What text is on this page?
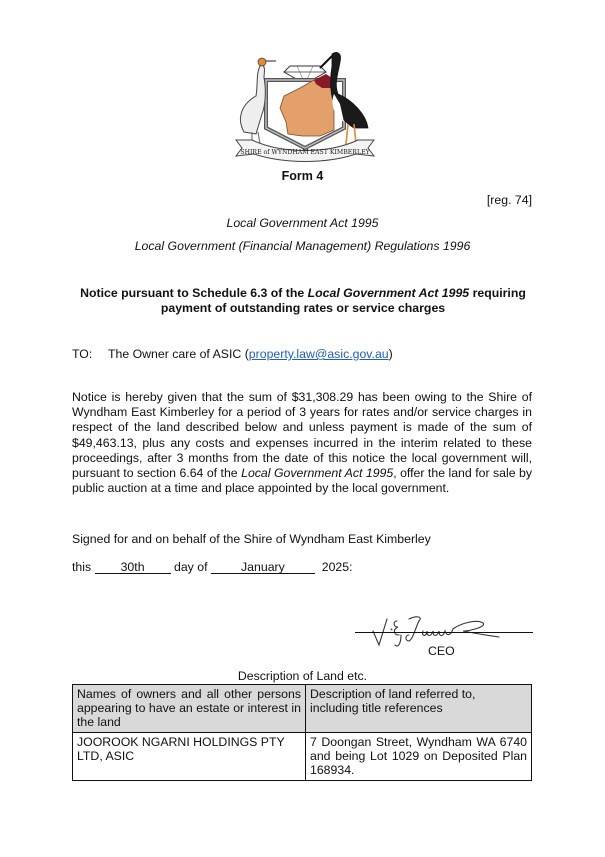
SHIRE of WYNDHAM EAST KIMBERLEY
Form 4
[reg. 74]
Local Government Act 1995
Local Government (Financial Management) Regulations 1996
Notice pursuant to Schedule 6.3 of the Local Government Act 1995 requiring payment of outstanding rates or service charges
TO: The Owner care of ASIC (property.law@asic.gov.au)
Notice is hereby given that the sum of $31,308.29 has been owing to the Shire of Wyndham East Kimberley for a period of 3 years for rates and/or service charges in respect of the land described below and unless payment is made of the sum of $49,463.13, plus any costs and expenses incurred in the interim related to these proceedings, after 3 months from the date of this notice the local government will, pursuant to section 6.64 of the Local Government Act 1995, offer the land for sale by public auction at a time and place appointed by the local government.
Signed for and on behalf of the Shire of Wyndham East Kimberley
this 30th day of	January	2025:
CEO
Description of Land etc.
Names of owners and all other persons appearing to have an estate or interest in the land	Description of land referred to, including title references
JOOROOK NGARNI HOLDINGS PTY LTD, ASIC	7 Doongan Street, Wyndham WA 6740 and being Lot 1029 on Deposited Plan 168934.
